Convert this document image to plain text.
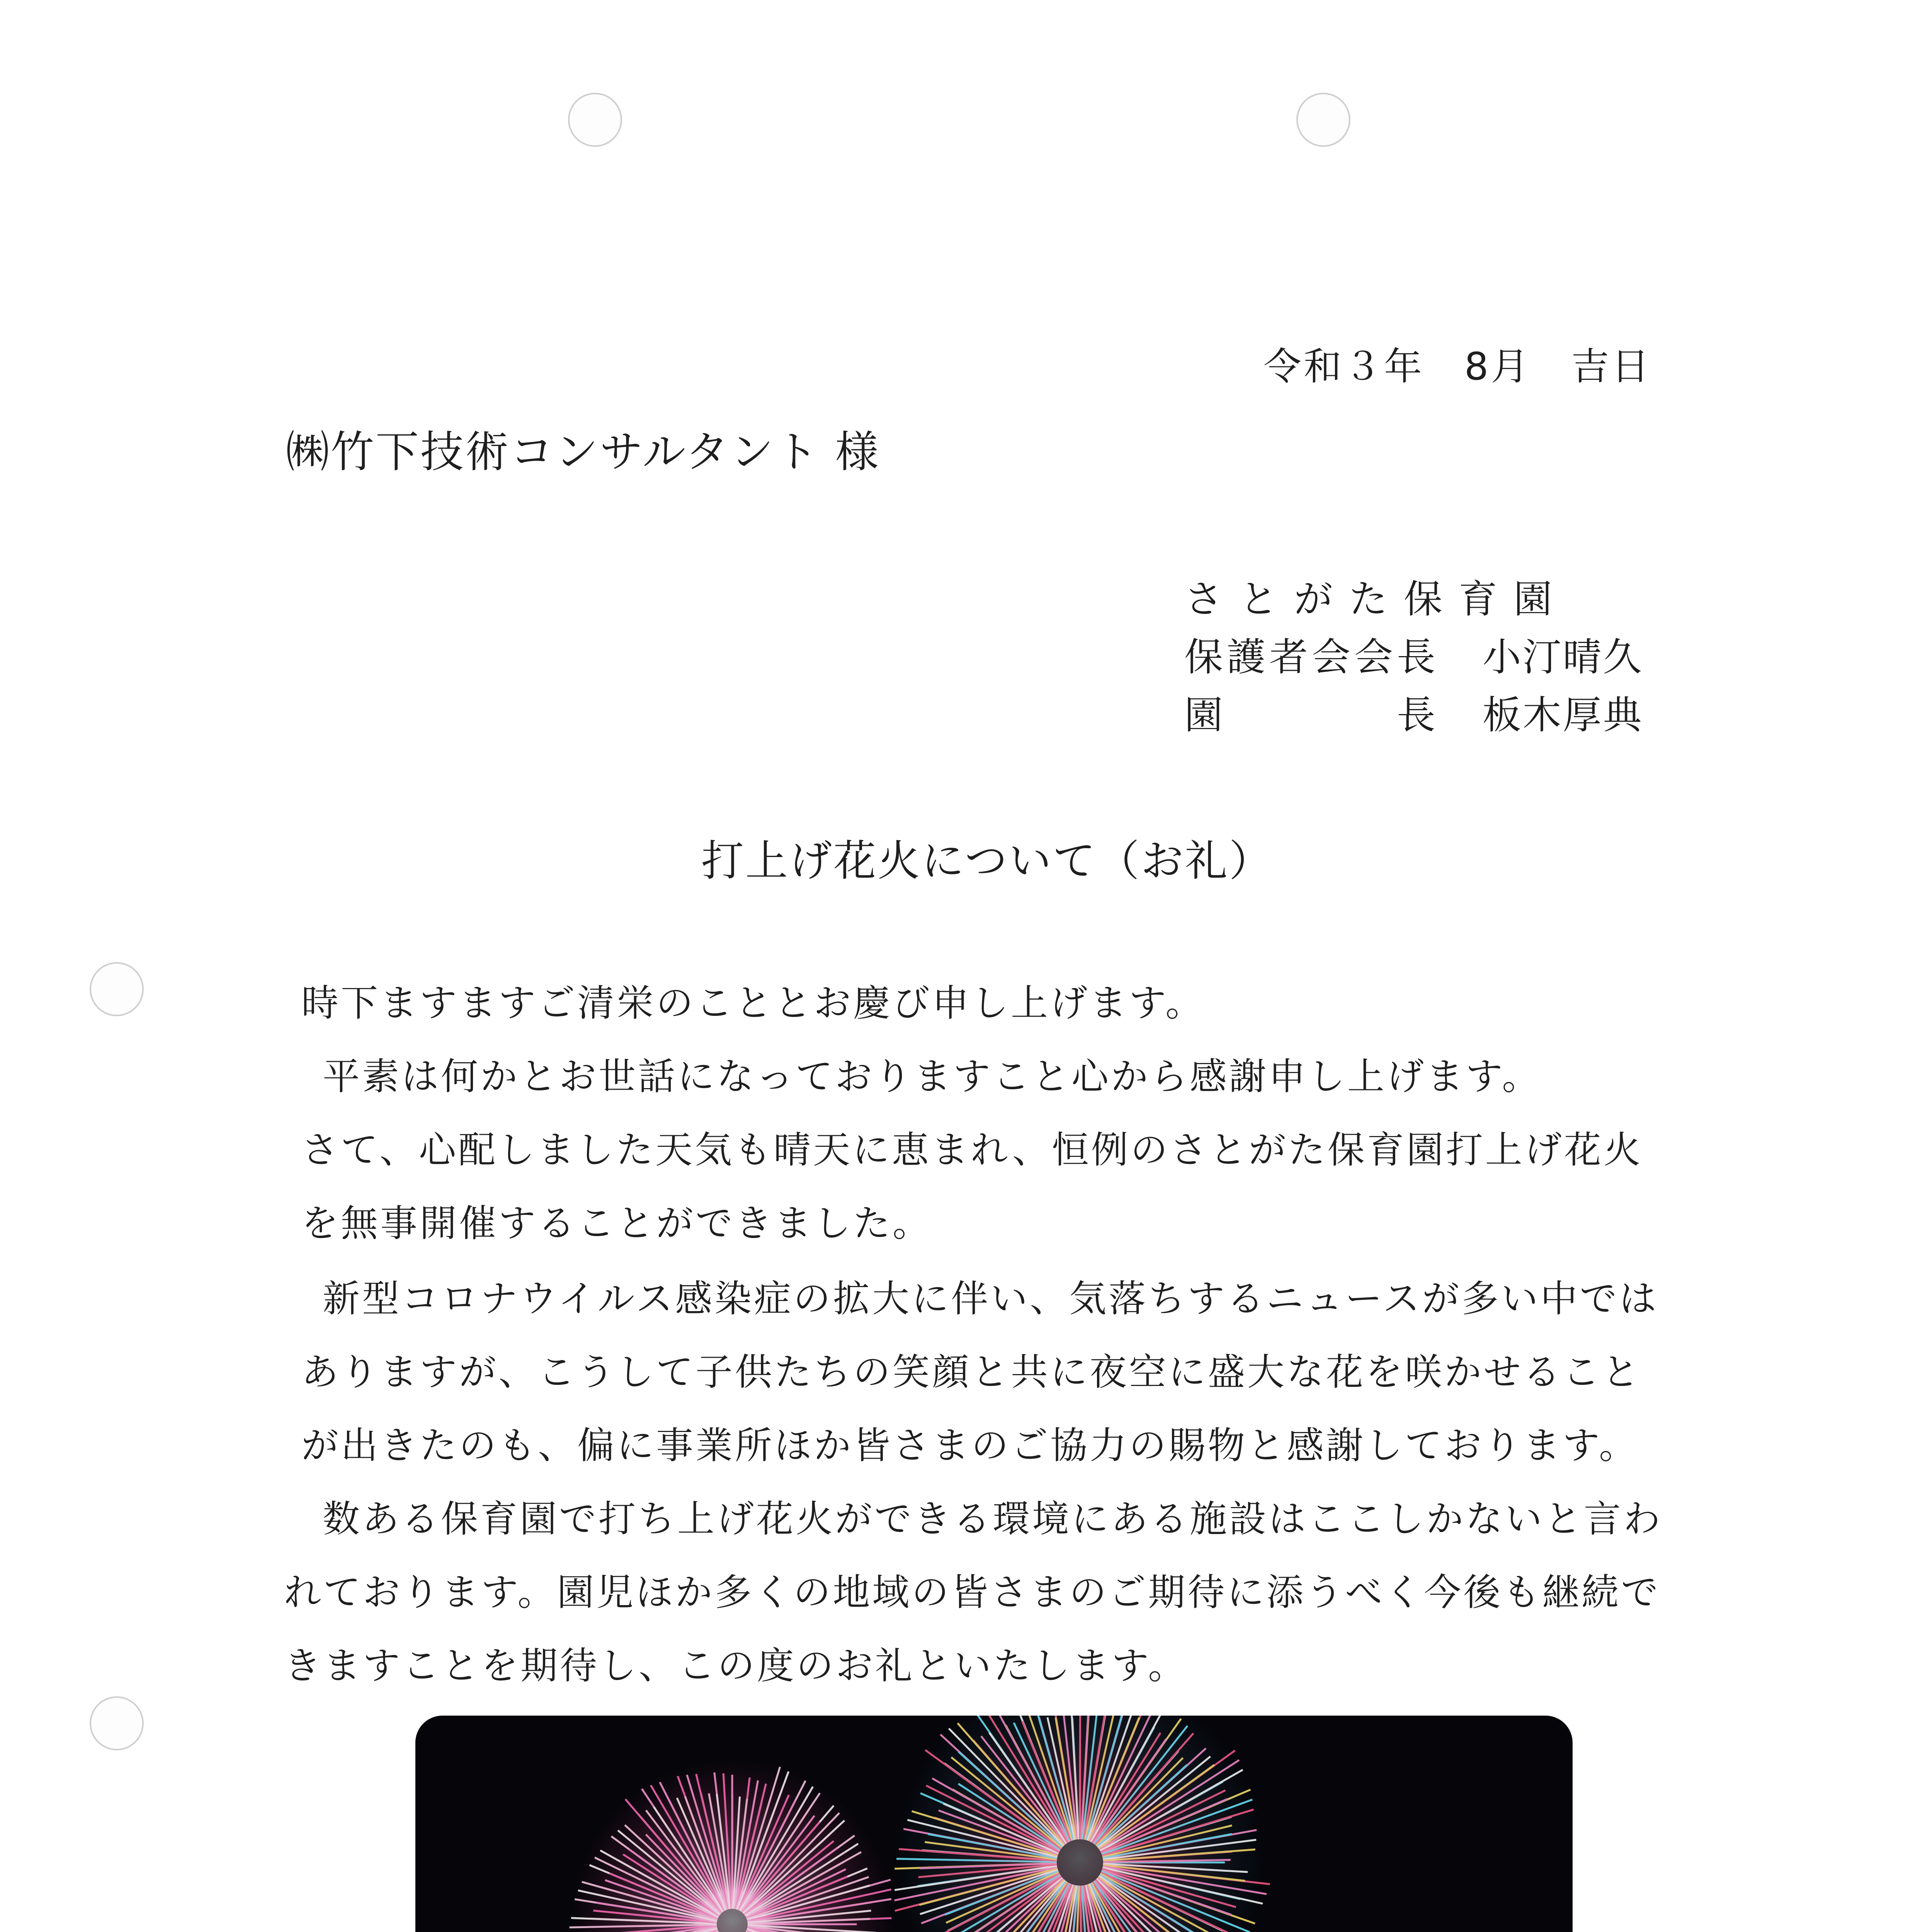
令和３年　8月　吉日
㈱竹下技術コンサルタント 様
さとがた保育園
保護者会会長 小汀晴久
園　　　　長 板木厚典
打上げ花火について（お礼）
時下ますますご清栄のこととお慶び申し上げます。
平素は何かとお世話になっておりますこと心から感謝申し上げます。
さて、心配しました天気も晴天に恵まれ、恒例のさとがた保育園打上げ花火
を無事開催することができました。
新型コロナウイルス感染症の拡大に伴い、気落ちするニュースが多い中では
ありますが、こうして子供たちの笑顔と共に夜空に盛大な花を咲かせること
が出きたのも、偏に事業所ほか皆さまのご協力の賜物と感謝しております。
数ある保育園で打ち上げ花火ができる環境にある施設はここしかないと言わ
れております。園児ほか多くの地域の皆さまのご期待に添うべく今後も継続で
きますことを期待し、この度のお礼といたします。
